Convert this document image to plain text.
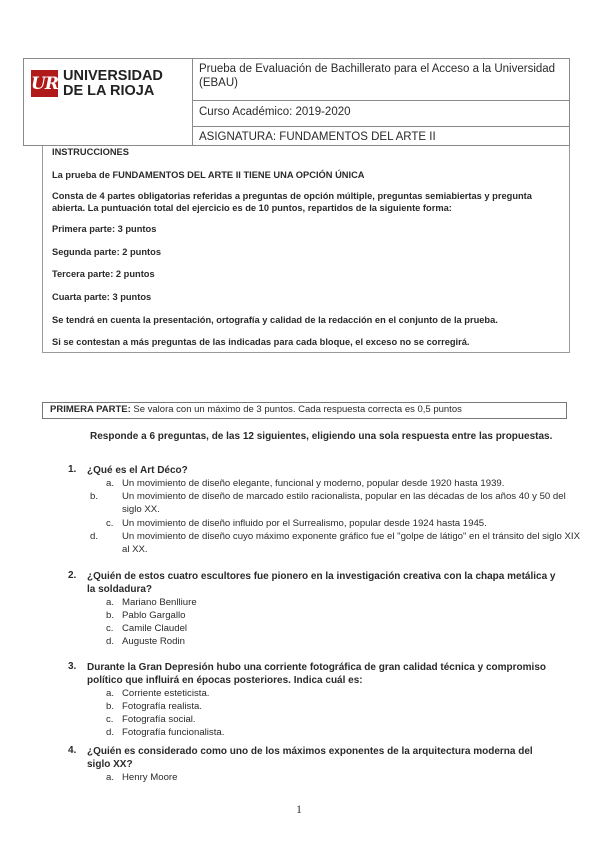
UR UNIVERSIDAD
DE LA RIOJA
Prueba de Evaluación de Bachillerato para el Acceso a la Universidad (EBAU)
Curso Académico: 2019-2020
ASIGNATURA: FUNDAMENTOS DEL ARTE II
INSTRUCCIONES
La prueba de FUNDAMENTOS DEL ARTE II TIENE UNA OPCIÓN ÚNICA
Consta de 4 partes obligatorias referidas a preguntas de opción múltiple, preguntas semiabiertas y pregunta abierta. La puntuación total del ejercicio es de 10 puntos, repartidos de la siguiente forma:
Primera parte: 3 puntos
Segunda parte: 2 puntos
Tercera parte: 2 puntos
Cuarta parte: 3 puntos
Se tendrá en cuenta la presentación, ortografía y calidad de la redacción en el conjunto de la prueba.
Si se contestan a más preguntas de las indicadas para cada bloque, el exceso no se corregirá.
PRIMERA PARTE: Se valora con un máximo de 3 puntos. Cada respuesta correcta es 0,5 puntos
Responde a 6 preguntas, de las 12 siguientes, eligiendo una sola respuesta entre las propuestas.
1. ¿Qué es el Art Déco?
a. Un movimiento de diseño elegante, funcional y moderno, popular desde 1920 hasta 1939.
b. Un movimiento de diseño de marcado estilo racionalista, popular en las décadas de los años 40 y 50 del siglo XX.
c. Un movimiento de diseño influido por el Surrealismo, popular desde 1924 hasta 1945.
d. Un movimiento de diseño cuyo máximo exponente gráfico fue el "golpe de látigo" en el tránsito del siglo XIX al XX.
2. ¿Quién de estos cuatro escultores fue pionero en la investigación creativa con la chapa metálica y la soldadura?
a. Mariano Benlliure
b. Pablo Gargallo
c. Camile Claudel
d. Auguste Rodin
3. Durante la Gran Depresión hubo una corriente fotográfica de gran calidad técnica y compromiso político que influirá en épocas posteriores. Indica cuál es:
a. Corriente esteticista.
b. Fotografía realista.
c. Fotografía social.
d. Fotografía funcionalista.
4. ¿Quién es considerado como uno de los máximos exponentes de la arquitectura moderna del siglo XX?
a. Henry Moore
1
